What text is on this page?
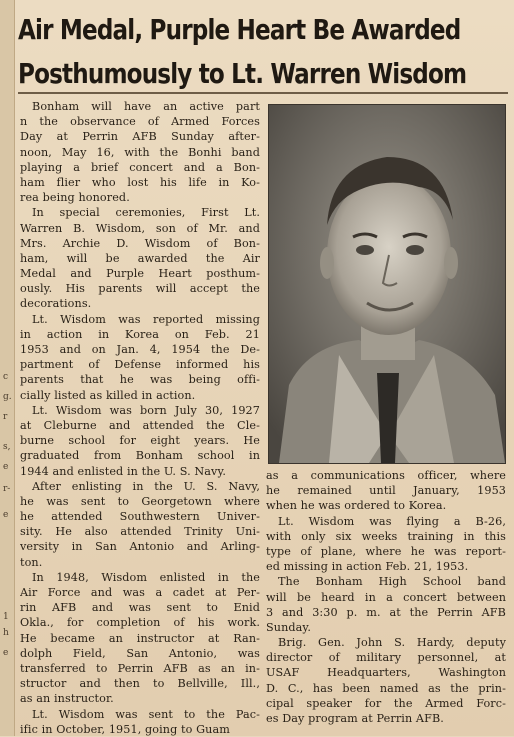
c
g.
r
s,
e
r-
e
1
h
e
Air Medal, Purple Heart Be Awarded
Posthumously to Lt. Warren Wisdom
Bonham will have an active part
n the observance of Armed Forces
Day at Perrin AFB Sunday after-
noon, May 16, with the Bonhi band
playing a brief concert and a Bon-
ham flier who lost his life in Ko-
rea being honored.
In special ceremonies, First Lt.
Warren B. Wisdom, son of Mr. and
Mrs. Archie D. Wisdom of Bon-
ham, will be awarded the Air
Medal and Purple Heart posthum-
ously. His parents will accept the
decorations.
Lt. Wisdom was reported missing
in action in Korea on Feb. 21
1953 and on Jan. 4, 1954 the De-
partment of Defense informed his
parents that he was being offi-
cially listed as killed in action.
Lt. Wisdom was born July 30, 1927
at Cleburne and attended the Cle-
burne school for eight years. He
graduated from Bonham school in
1944 and enlisted in the U. S. Navy.
After enlisting in the U. S. Navy,
he was sent to Georgetown where
he attended Southwestern Univer-
sity. He also attended Trinity Uni-
versity in San Antonio and Arling-
ton.
In 1948, Wisdom enlisted in the
Air Force and was a cadet at Per-
rin AFB and was sent to Enid
Okla., for completion of his work.
He became an instructor at Ran-
dolph Field, San Antonio, was
transferred to Perrin AFB as an in-
structor and then to Bellville, Ill.,
as an instructor.
Lt. Wisdom was sent to the Pac-
ific in October, 1951, going to Guam
as a communications officer, where
he remained until January, 1953
when he was ordered to Korea.
Lt. Wisdom was flying a B-26,
with only six weeks training in this
type of plane, where he was report-
ed missing in action Feb. 21, 1953.
The Bonham High School band
will be heard in a concert between
3 and 3:30 p. m. at the Perrin AFB
Sunday.
Brig. Gen. John S. Hardy, deputy
director of military personnel, at
USAF Headquarters, Washington
D. C., has been named as the prin-
cipal speaker for the Armed Forc-
es Day program at Perrin AFB.
